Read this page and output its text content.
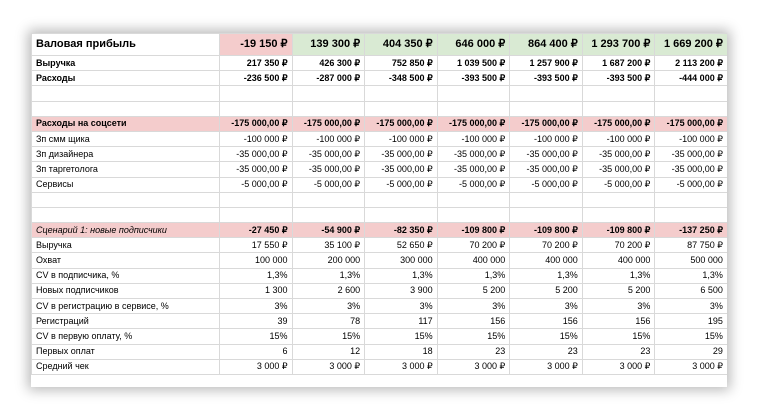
Валовая прибыль	-19 150 ₽	139 300 ₽	404 350 ₽	646 000 ₽	864 400 ₽	1 293 700 ₽	1 669 200 ₽
Выручка	217 350 ₽	426 300 ₽	752 850 ₽	1 039 500 ₽	1 257 900 ₽	1 687 200 ₽	2 113 200 ₽
Расходы	-236 500 ₽	-287 000 ₽	-348 500 ₽	-393 500 ₽	-393 500 ₽	-393 500 ₽	-444 000 ₽

Расходы на соцсети	-175 000,00 ₽	-175 000,00 ₽	-175 000,00 ₽	-175 000,00 ₽	-175 000,00 ₽	-175 000,00 ₽	-175 000,00 ₽
Зп смм щика	-100 000 ₽	-100 000 ₽	-100 000 ₽	-100 000 ₽	-100 000 ₽	-100 000 ₽	-100 000 ₽
Зп дизайнера	-35 000,00 ₽	-35 000,00 ₽	-35 000,00 ₽	-35 000,00 ₽	-35 000,00 ₽	-35 000,00 ₽	-35 000,00 ₽
Зп таргетолога	-35 000,00 ₽	-35 000,00 ₽	-35 000,00 ₽	-35 000,00 ₽	-35 000,00 ₽	-35 000,00 ₽	-35 000,00 ₽
Сервисы	-5 000,00 ₽	-5 000,00 ₽	-5 000,00 ₽	-5 000,00 ₽	-5 000,00 ₽	-5 000,00 ₽	-5 000,00 ₽

Сценарий 1: новые подписчики	-27 450 ₽	-54 900 ₽	-82 350 ₽	-109 800 ₽	-109 800 ₽	-109 800 ₽	-137 250 ₽
Выручка	17 550 ₽	35 100 ₽	52 650 ₽	70 200 ₽	70 200 ₽	70 200 ₽	87 750 ₽
Охват	100 000	200 000	300 000	400 000	400 000	400 000	500 000
CV в подписчика, %	1,3%	1,3%	1,3%	1,3%	1,3%	1,3%	1,3%
Новых подписчиков	1 300	2 600	3 900	5 200	5 200	5 200	6 500
CV в регистрацию в сервисе, %	3%	3%	3%	3%	3%	3%	3%
Регистраций	39	78	117	156	156	156	195
CV в первую оплату, %	15%	15%	15%	15%	15%	15%	15%
Первых оплат	6	12	18	23	23	23	29
Средний чек	3 000 ₽	3 000 ₽	3 000 ₽	3 000 ₽	3 000 ₽	3 000 ₽	3 000 ₽
